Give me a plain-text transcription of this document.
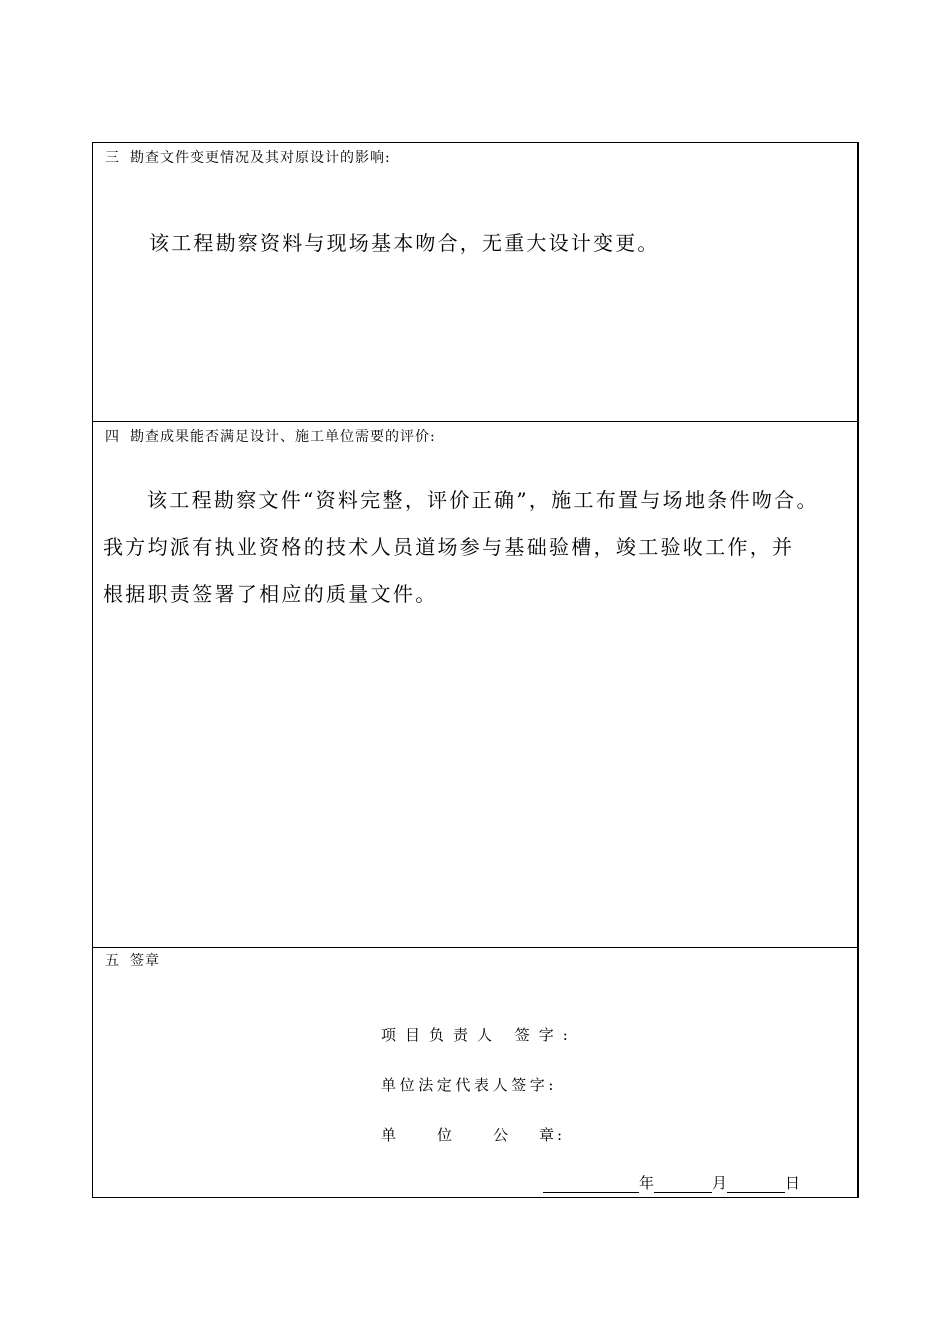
三 勘查文件变更情况及其对原设计的影响:
该工程勘察资料与现场基本吻合，无重大设计变更。
四 勘查成果能否满足设计、施工单位需要的评价:
该工程勘察文件“资料完整，评价正确”，施工布置与场地条件吻合。
我方均派有执业资格的技术人员道场参与基础验槽，竣工验收工作，并
根据职责签署了相应的质量文件。
五 签章
项目负责人 签字:
单位法定代表人签字:
单	位	公 章:
年	月	日
